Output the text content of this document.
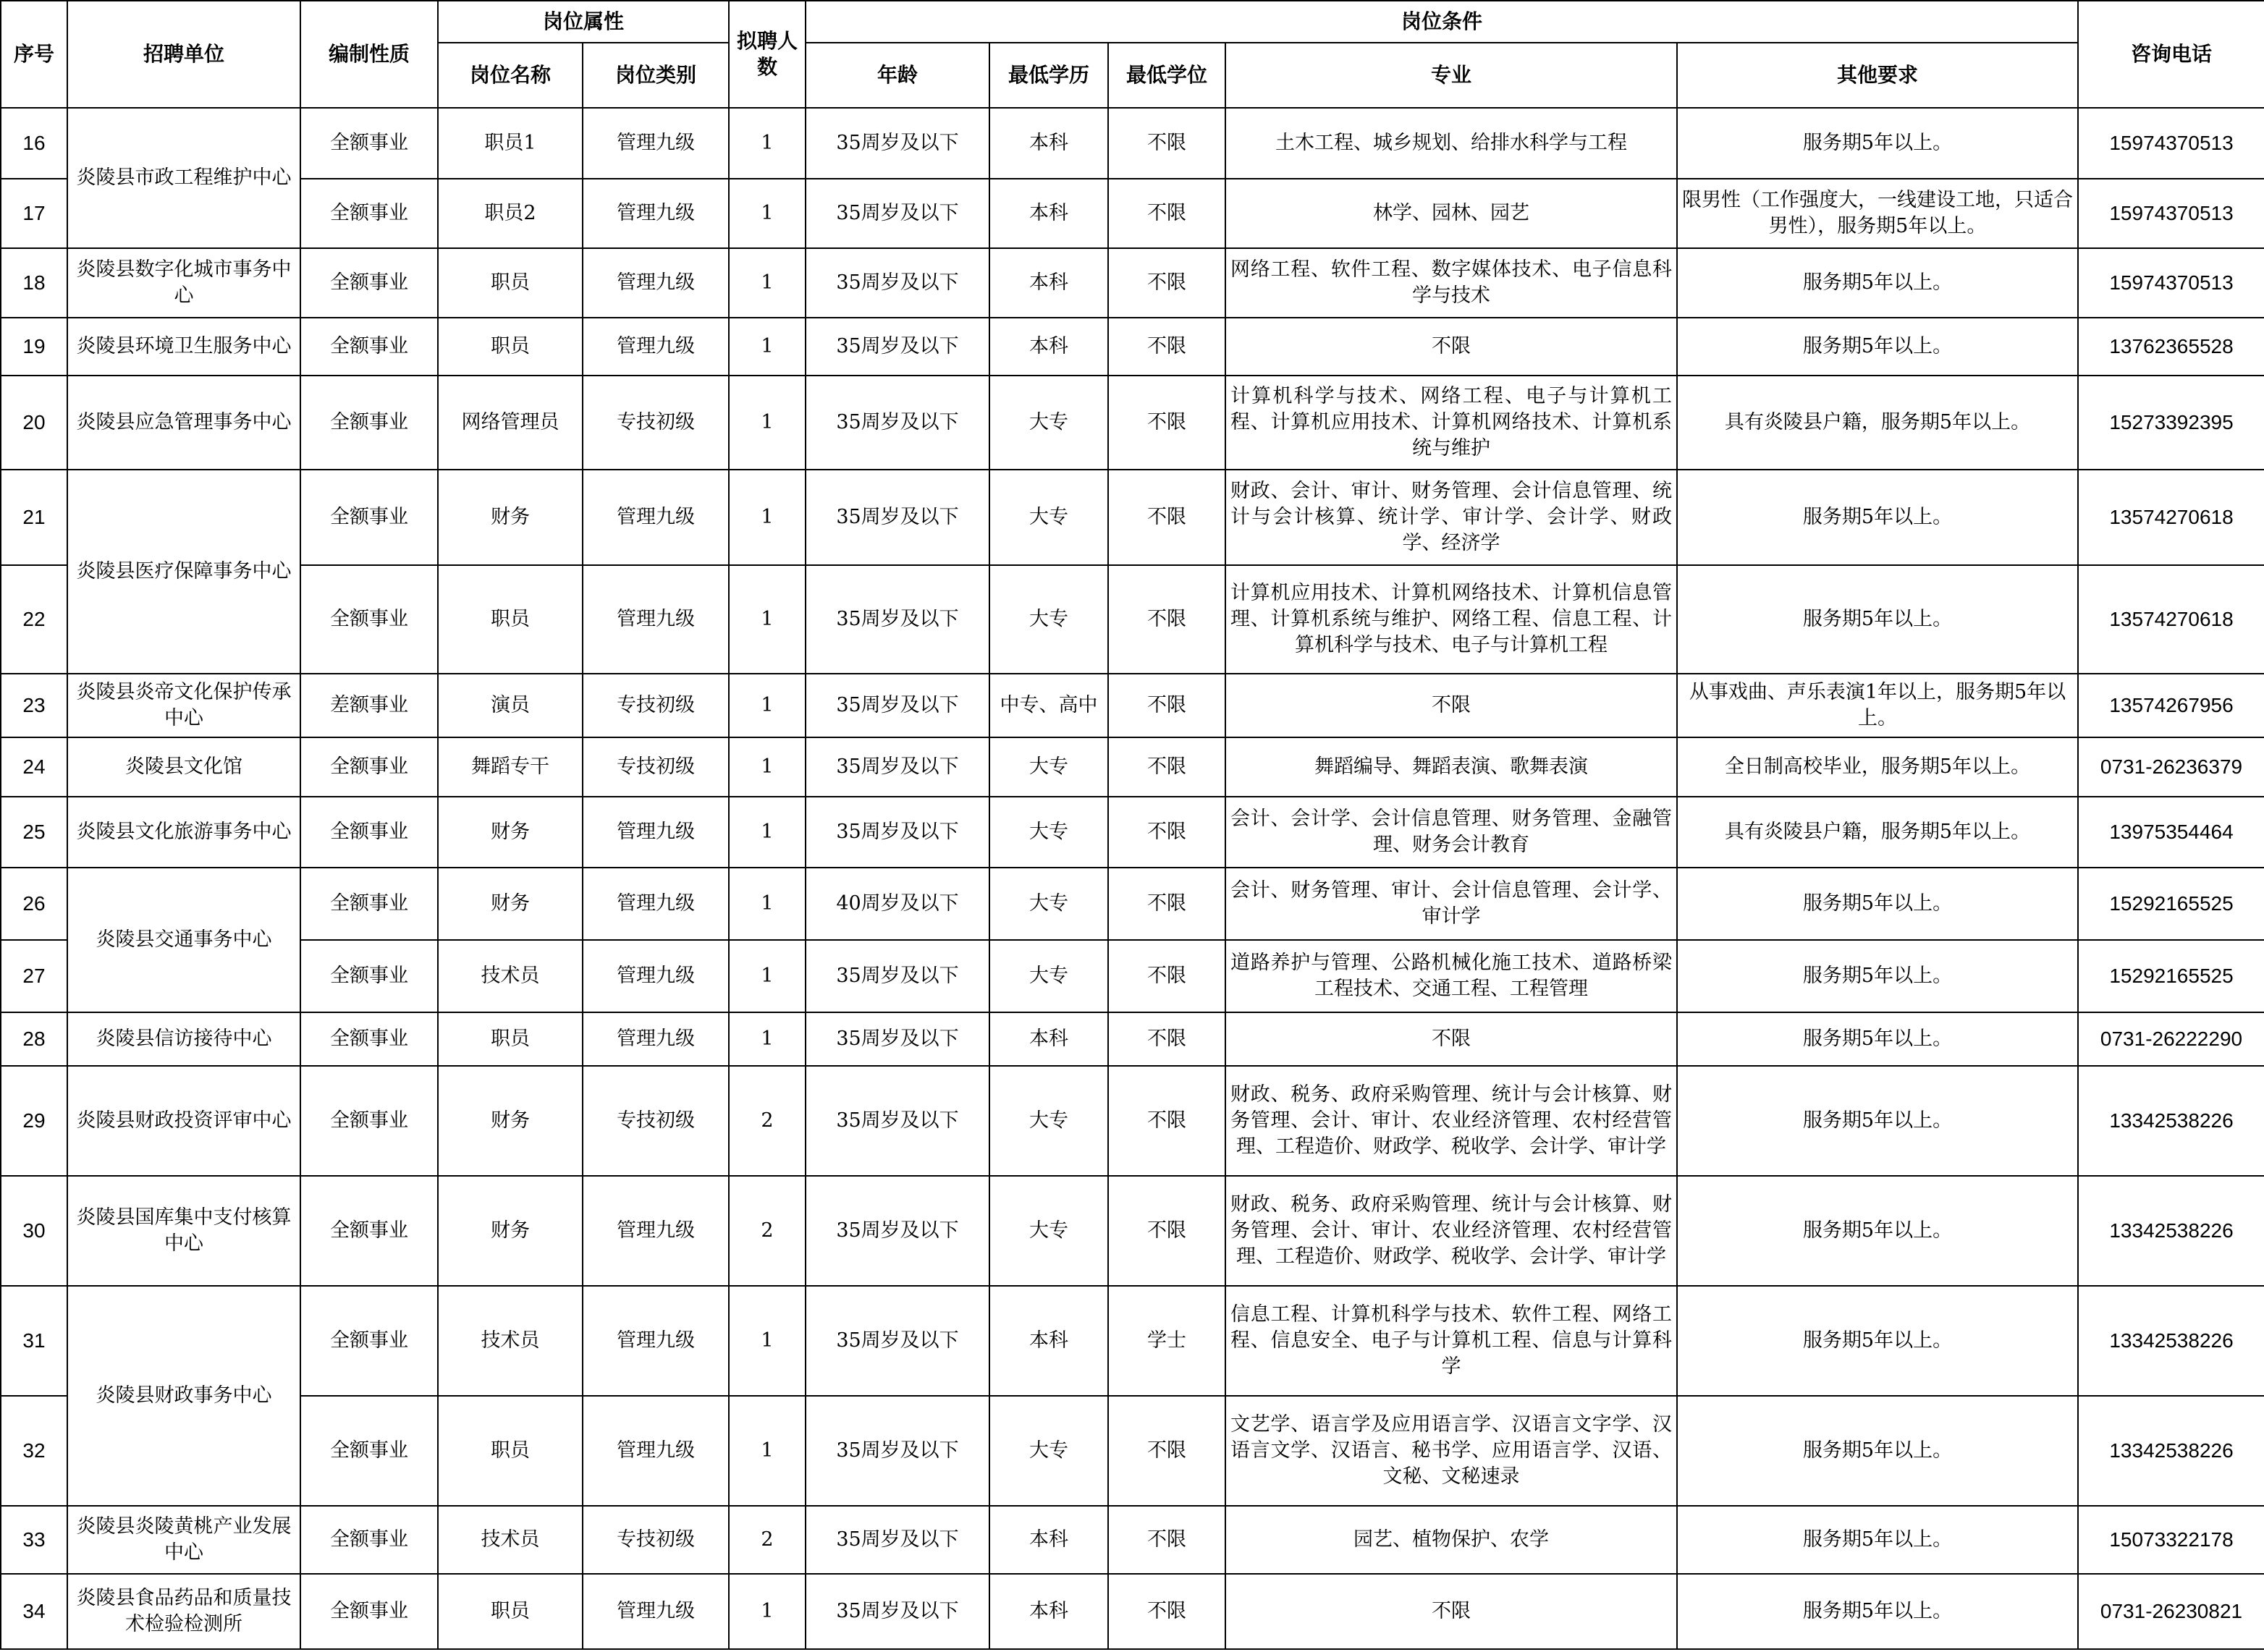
序号	招聘单位	编制性质	岗位属性		拟聘人数	岗位条件					咨询电话
			岗位名称	岗位类别		年龄	最低学历	最低学位	专业	其他要求	
16	炎陵县市政工程维护中心	全额事业	职员1	管理九级	1	35周岁及以下	本科	不限	土木工程、城乡规划、给排水科学与工程	服务期5年以上。	15974370513
17		全额事业	职员2	管理九级	1	35周岁及以下	本科	不限	林学、园林、园艺	限男性（工作强度大，一线建设工地，只适合男性），服务期5年以上。	15974370513
18	炎陵县数字化城市事务中心	全额事业	职员	管理九级	1	35周岁及以下	本科	不限	网络工程、软件工程、数字媒体技术、电子信息科学与技术	服务期5年以上。	15974370513
19	炎陵县环境卫生服务中心	全额事业	职员	管理九级	1	35周岁及以下	本科	不限	不限	服务期5年以上。	13762365528
20	炎陵县应急管理事务中心	全额事业	网络管理员	专技初级	1	35周岁及以下	大专	不限	计算机科学与技术、网络工程、电子与计算机工程、计算机应用技术、计算机网络技术、计算机系统与维护	具有炎陵县户籍，服务期5年以上。	15273392395
21	炎陵县医疗保障事务中心	全额事业	财务	管理九级	1	35周岁及以下	大专	不限	财政、会计、审计、财务管理、会计信息管理、统计与会计核算、统计学、审计学、会计学、财政学、经济学	服务期5年以上。	13574270618
22		全额事业	职员	管理九级	1	35周岁及以下	大专	不限	计算机应用技术、计算机网络技术、计算机信息管理、计算机系统与维护、网络工程、信息工程、计算机科学与技术、电子与计算机工程	服务期5年以上。	13574270618
23	炎陵县炎帝文化保护传承中心	差额事业	演员	专技初级	1	35周岁及以下	中专、高中	不限	不限	从事戏曲、声乐表演1年以上，服务期5年以上。	13574267956
24	炎陵县文化馆	全额事业	舞蹈专干	专技初级	1	35周岁及以下	大专	不限	舞蹈编导、舞蹈表演、歌舞表演	全日制高校毕业，服务期5年以上。	0731-26236379
25	炎陵县文化旅游事务中心	全额事业	财务	管理九级	1	35周岁及以下	大专	不限	会计、会计学、会计信息管理、财务管理、金融管理、财务会计教育	具有炎陵县户籍，服务期5年以上。	13975354464
26	炎陵县交通事务中心	全额事业	财务	管理九级	1	40周岁及以下	大专	不限	会计、财务管理、审计、会计信息管理、会计学、审计学	服务期5年以上。	15292165525
27		全额事业	技术员	管理九级	1	35周岁及以下	大专	不限	道路养护与管理、公路机械化施工技术、道路桥梁工程技术、交通工程、工程管理	服务期5年以上。	15292165525
28	炎陵县信访接待中心	全额事业	职员	管理九级	1	35周岁及以下	本科	不限	不限	服务期5年以上。	0731-26222290
29	炎陵县财政投资评审中心	全额事业	财务	专技初级	2	35周岁及以下	大专	不限	财政、税务、政府采购管理、统计与会计核算、财务管理、会计、审计、农业经济管理、农村经营管理、工程造价、财政学、税收学、会计学、审计学	服务期5年以上。	13342538226
30	炎陵县国库集中支付核算中心	全额事业	财务	管理九级	2	35周岁及以下	大专	不限	财政、税务、政府采购管理、统计与会计核算、财务管理、会计、审计、农业经济管理、农村经营管理、工程造价、财政学、税收学、会计学、审计学	服务期5年以上。	13342538226
31	炎陵县财政事务中心	全额事业	技术员	管理九级	1	35周岁及以下	本科	学士	信息工程、计算机科学与技术、软件工程、网络工程、信息安全、电子与计算机工程、信息与计算科学	服务期5年以上。	13342538226
32		全额事业	职员	管理九级	1	35周岁及以下	大专	不限	文艺学、语言学及应用语言学、汉语言文字学、汉语言文学、汉语言、秘书学、应用语言学、汉语、文秘、文秘速录	服务期5年以上。	13342538226
33	炎陵县炎陵黄桃产业发展中心	全额事业	技术员	专技初级	2	35周岁及以下	本科	不限	园艺、植物保护、农学	服务期5年以上。	15073322178
34	炎陵县食品药品和质量技术检验检测所	全额事业	职员	管理九级	1	35周岁及以下	本科	不限	不限	服务期5年以上。	0731-26230821
